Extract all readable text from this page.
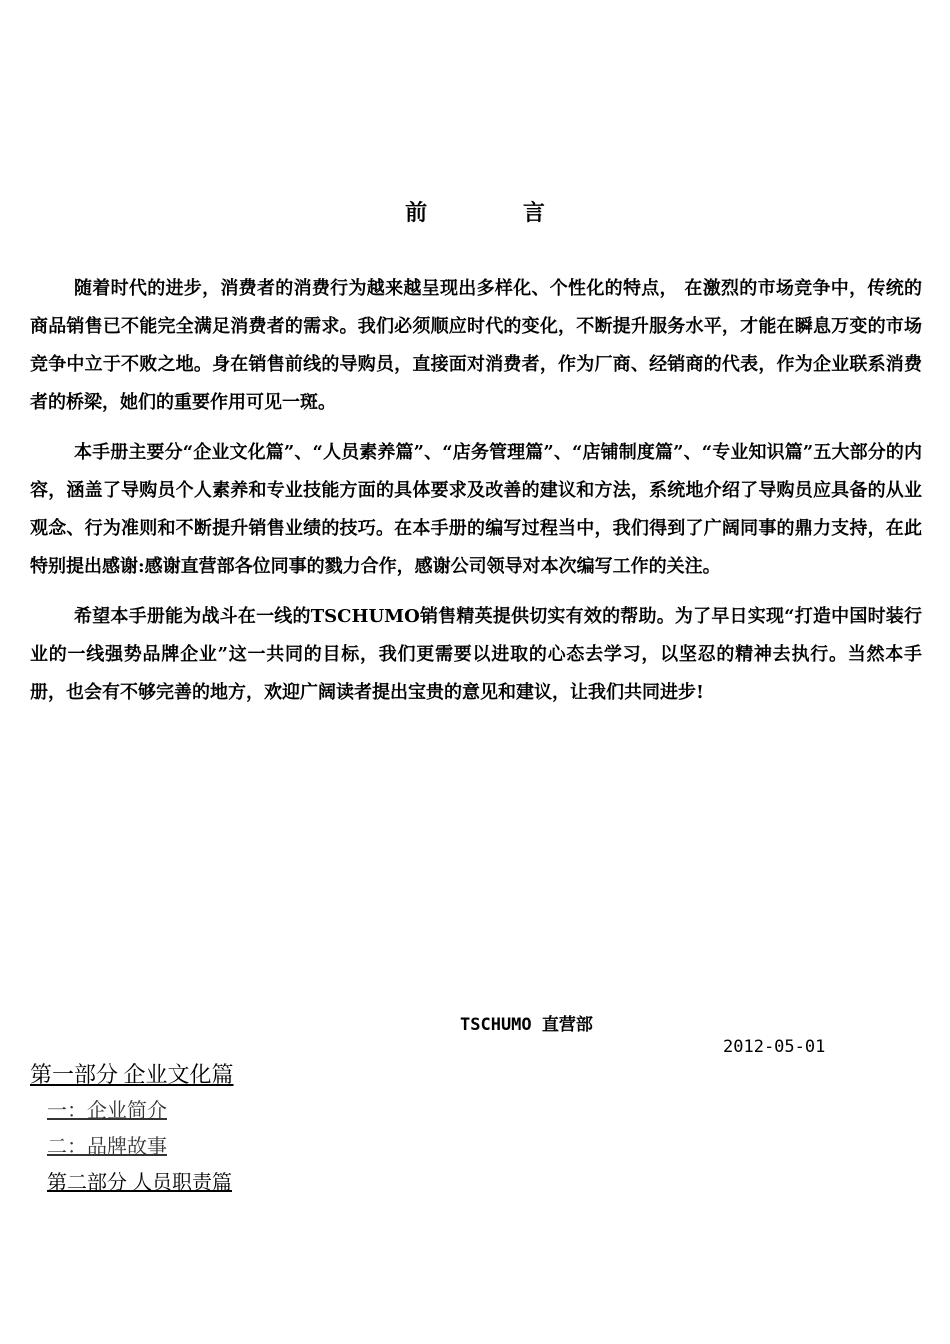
前 言

随着时代的进步，消费者的消费行为越来越呈现出多样化、个性化的特点， 在激烈的市场竞争中，传统的商品销售已不能完全满足消费者的需求。我们必须顺应时代的变化，不断提升服务水平，才能在瞬息万变的市场竞争中立于不败之地。身在销售前线的导购员，直接面对消费者，作为厂商、经销商的代表，作为企业联系消费者的桥梁，她们的重要作用可见一斑。

本手册主要分“企业文化篇”、“人员素养篇”、“店务管理篇”、“店铺制度篇”、“专业知识篇”五大部分的内容，涵盖了导购员个人素养和专业技能方面的具体要求及改善的建议和方法，系统地介绍了导购员应具备的从业观念、行为准则和不断提升销售业绩的技巧。在本手册的编写过程当中，我们得到了广阔同事的鼎力支持，在此特别提出感谢:感谢直营部各位同事的戮力合作，感谢公司领导对本次编写工作的关注。

希望本手册能为战斗在一线的TSCHUMO销售精英提供切实有效的帮助。为了早日实现“打造中国时装行业的一线强势品牌企业”这一共同的目标，我们更需要以进取的心态去学习，以坚忍的精神去执行。当然本手册，也会有不够完善的地方，欢迎广阔读者提出宝贵的意见和建议，让我们共同进步!

TSCHUMO 直营部
2012-05-01
第一部分 企业文化篇
一：企业简介
二：品牌故事
第二部分 人员职责篇
